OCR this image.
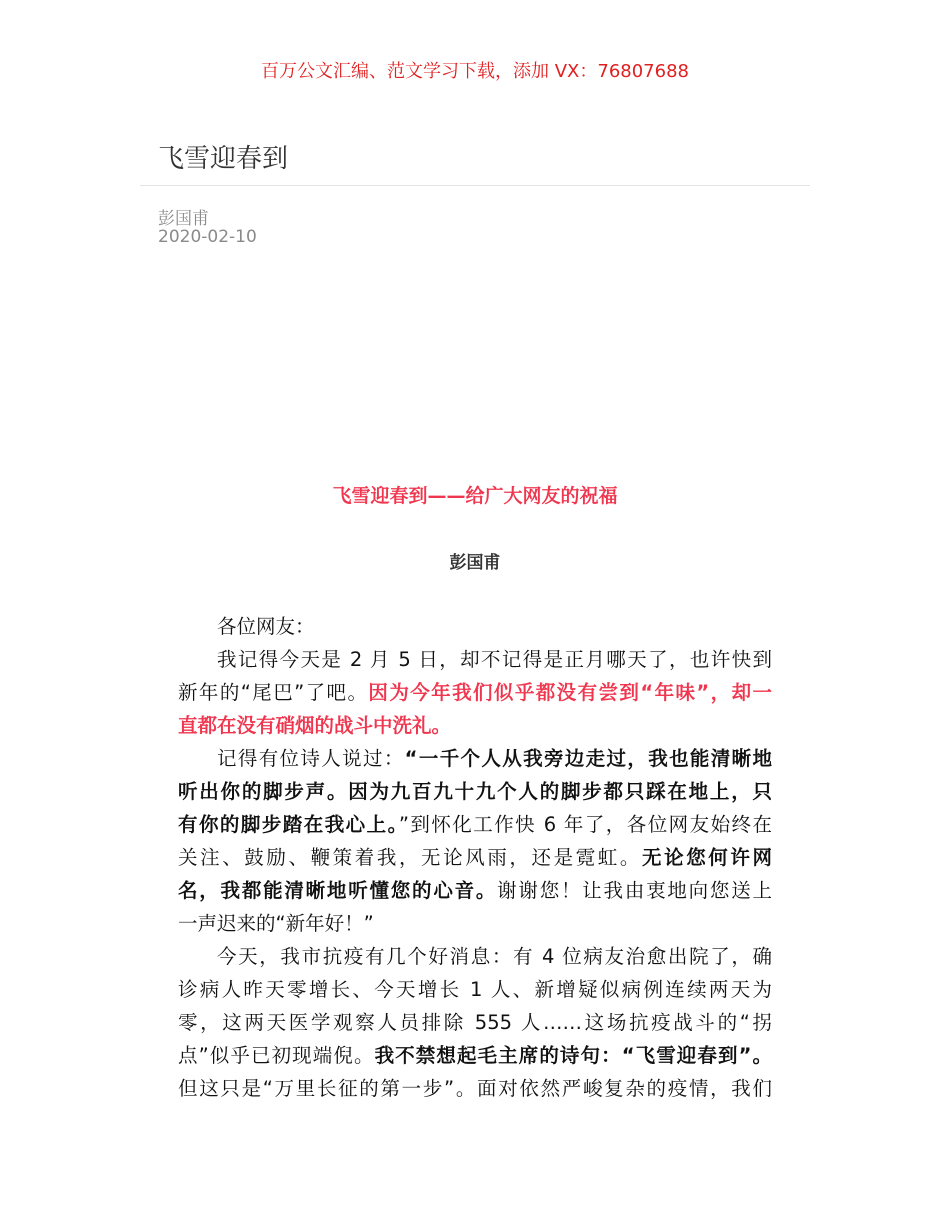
百万公文汇编、范文学习下载，添加 VX：76807688
飞雪迎春到
彭国甫
2020-02-10
飞雪迎春到——给广大网友的祝福
彭国甫
各位网友：
我记得今天是 2 月 5 日，却不记得是正月哪天了，也许快到
新年的“尾巴”了吧。因为今年我们似乎都没有尝到“年味”，却一
直都在没有硝烟的战斗中洗礼。
记得有位诗人说过：“一千个人从我旁边走过，我也能清晰地
听出你的脚步声。因为九百九十九个人的脚步都只踩在地上，只
有你的脚步踏在我心上。”到怀化工作快 6 年了，各位网友始终在
关注、鼓励、鞭策着我，无论风雨，还是霓虹。无论您何许网
名，我都能清晰地听懂您的心音。谢谢您！让我由衷地向您送上
一声迟来的“新年好！”
今天，我市抗疫有几个好消息：有 4 位病友治愈出院了，确
诊病人昨天零增长、今天增长 1 人、新增疑似病例连续两天为
零，这两天医学观察人员排除 555 人……这场抗疫战斗的“拐
点”似乎已初现端倪。我不禁想起毛主席的诗句：“飞雪迎春到”。
但这只是“万里长征的第一步”。面对依然严峻复杂的疫情，我们
